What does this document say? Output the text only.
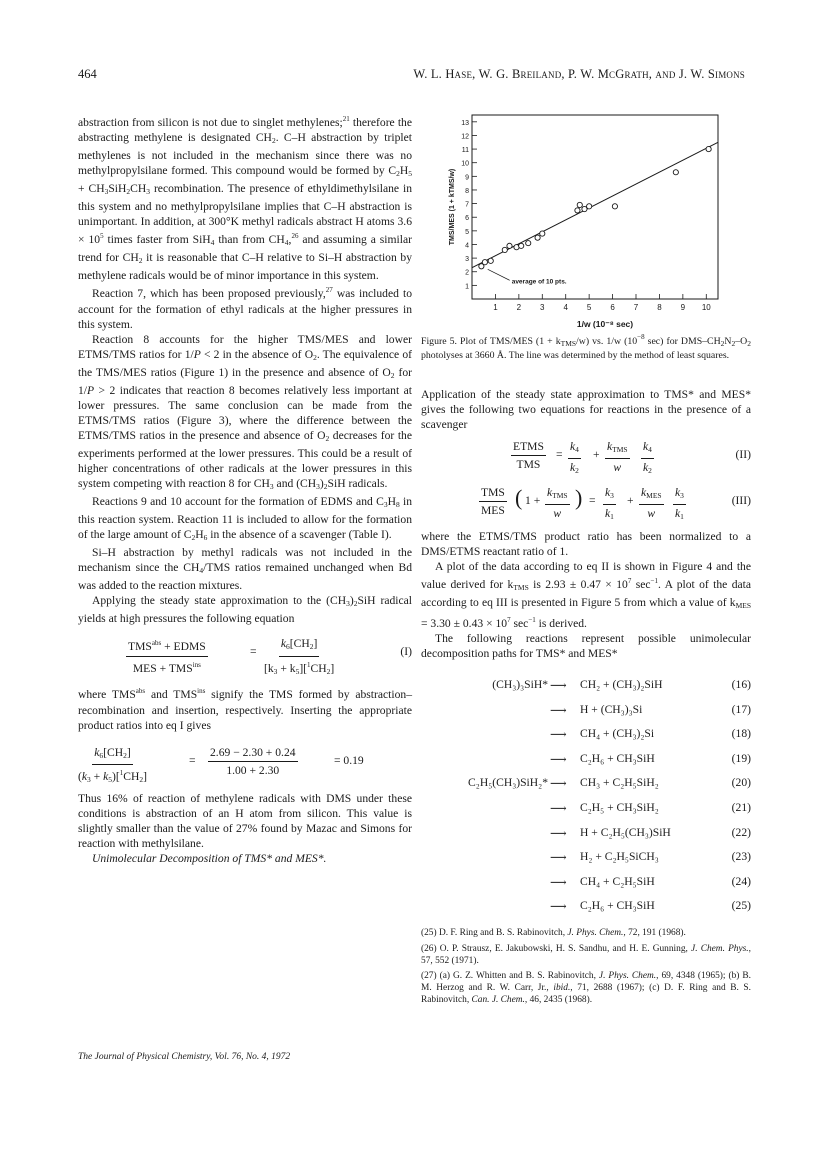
464	W. L. Hase, W. G. Breiland, P. W. McGrath, and J. W. Simons

abstraction from silicon is not due to singlet methylenes;$^{21}$ therefore the abstracting methylene is designated $CH_2$. C–H abstraction by triplet methylenes is not included in the mechanism since there was no methylpropylsilane formed. This compound would be formed by $C_2H_5 + CH_3SiH_2CH_3$ recombination. The presence of ethyldimethylsilane in this system and no methylpropylsilane implies that C–H abstraction is unimportant. In addition, at 300°K methyl radicals abstract H atoms $3.6 \times 10^5$ times faster from SiH$_4$ than from $CH_4,^{26}$ and assuming a similar trend for $CH_2$ it is reasonable that C–H relative to Si–H abstraction by methylene radicals would be of minor importance in this system.

Reaction 7, which has been proposed previously,$^{27}$ was included to account for the formation of ethyl radicals at the higher pressures in this system.

Reaction 8 accounts for the higher TMS/MES and lower ETMS/TMS ratios for 1/P < 2 in the absence of $O_2$. The equivalence of the TMS/MES ratios (Figure 1) in the presence and absence of $O_2$ for 1/P > 2 indicates that reaction 8 becomes relatively less important at lower pressures. The same conclusion can be made from the ETMS/TMS ratios (Figure 3), where the difference between the ETMS/TMS ratios in the presence and absence of $O_2$ decreases for the experiments performed at the lower pressures. This could be a result of higher concentrations of other radicals at the lower pressures in this system competing with reaction 8 for $CH_3$ and $(CH_3)_2SiH$ radicals.

Reactions 9 and 10 account for the formation of EDMS and $C_3H_8$ in this reaction system. Reaction 11 is included to allow for the formation of the large amount of $C_2H_6$ in the absence of a scavenger (Table I).

Si–H abstraction by methyl radicals was not included in the mechanism since the $CH_4$/TMS ratios remained unchanged when Bd was added to the reaction mixtures.

Applying the steady state approximation to the $(CH_3)_2SiH$ radical yields at high pressures the following equation

$TMS^{abs}$ + EDMS
MES + $TMS^{ins}$
= $\frac{k_6[CH_2]}{[k_3 + k_5][^1CH_2]}$	(I)

where $TMS^{abs}$ and $TMS^{ins}$ signify the TMS formed by abstraction–recombination and insertion, respectively. Inserting the appropriate product ratios into eq I gives

$\frac{k_6[CH_2]}{(k_3 + k_5)[^1CH_2]}$	= $\frac{2.69 - 2.30 + 0.24}{1.00 + 2.30}$	= 0.19

Thus 16% of reaction of methylene radicals with DMS under these conditions is abstraction of an H atom from silicon. This value is slightly smaller than the value of 27% found by Mazac and Simons for reaction with methylsilane.

Unimolecular Decomposition of TMS* and MES*.

1 2 3 4 5 6 7 8 9 10
1
2
3
4
5
6
7
8
9
10
11
12
13
average of 10 pts.
1/w (10⁻⁸ sec)
TMS/MES (1 + kTMS/w)
Figure 5. Plot of TMS/MES $(1 + k_{TMS}/w)$ vs. 1/w ($10^{-8}$ sec) for DMS–$CH_2N_2-O_2$ photolyses at 3660 Å. The line was determined by the method of least squares.

Application of the steady state approximation to TMS* and MES* gives the following two equations for reactions in the presence of a scavenger

ETMS
TMS
= $\frac{k_4}{k_2}$ +
$k_{TMS}$
w $\frac{k_4}{k_2}$	(II)
TMS
MES
( 1 +
$k_{TMS}$
w
) = $\frac{k_3}{k_1}$ +
$k_{MES}$
w $\frac{k_3}{k_1}$	(III)

where the ETMS/TMS product ratio has been normalized to a DMS/ETMS reactant ratio of 1.

A plot of the data according to eq II is shown in Figure 4 and the value derived for $k_{TMS}$ is $2.93 \pm 0.47 \times 10^7$ $\sec^{-1}$. A plot of the data according to eq III is presented in Figure 5 from which a value of $k_{MES} = 3.30 \pm 0.43 \times 10^7$ $\sec^{-1}$ is derived.

The following reactions represent possible unimolecular decomposition paths for TMS* and MES*

(CH₃)₃SiH* ⟶ CH₂ + (CH₃)₂SiH	(16)
⟶ H + (CH₃)₃Si	(17)
⟶ CH₄ + (CH₃)₂Si	(18)
⟶ C₂H₆ + CH₃SiH	(19)
C₂H₅(CH₃)SiH₂* ⟶ CH₃ + C₂H₅SiH₂	(20)
⟶ C₂H₅ + CH₃SiH₂	(21)
⟶ H + C₂H₅(CH₃)SiH	(22)
⟶ H₂ + C₂H₅SiCH₃	(23)
⟶ CH₄ + C₂H₅SiH	(24)
⟶ C₂H₆ + CH₃SiH	(25)
(25) D. F. Ring and B. S. Rabinovitch, J. Phys. Chem., 72, 191 (1968).
(26) O. P. Strausz, E. Jakubowski, H. S. Sandhu, and H. E. Gunning, J. Chem. Phys., 57, 552 (1971).
(27) (a) G. Z. Whitten and B. S. Rabinovitch, J. Phys. Chem., 69, 4348 (1965); (b) B. M. Herzog and R. W. Carr, Jr., ibid., 71, 2688 (1967); (c) D. F. Ring and B. S. Rabinovitch, Can. J. Chem., 46, 2435 (1968).
The Journal of Physical Chemistry, Vol. 76, No. 4, 1972
